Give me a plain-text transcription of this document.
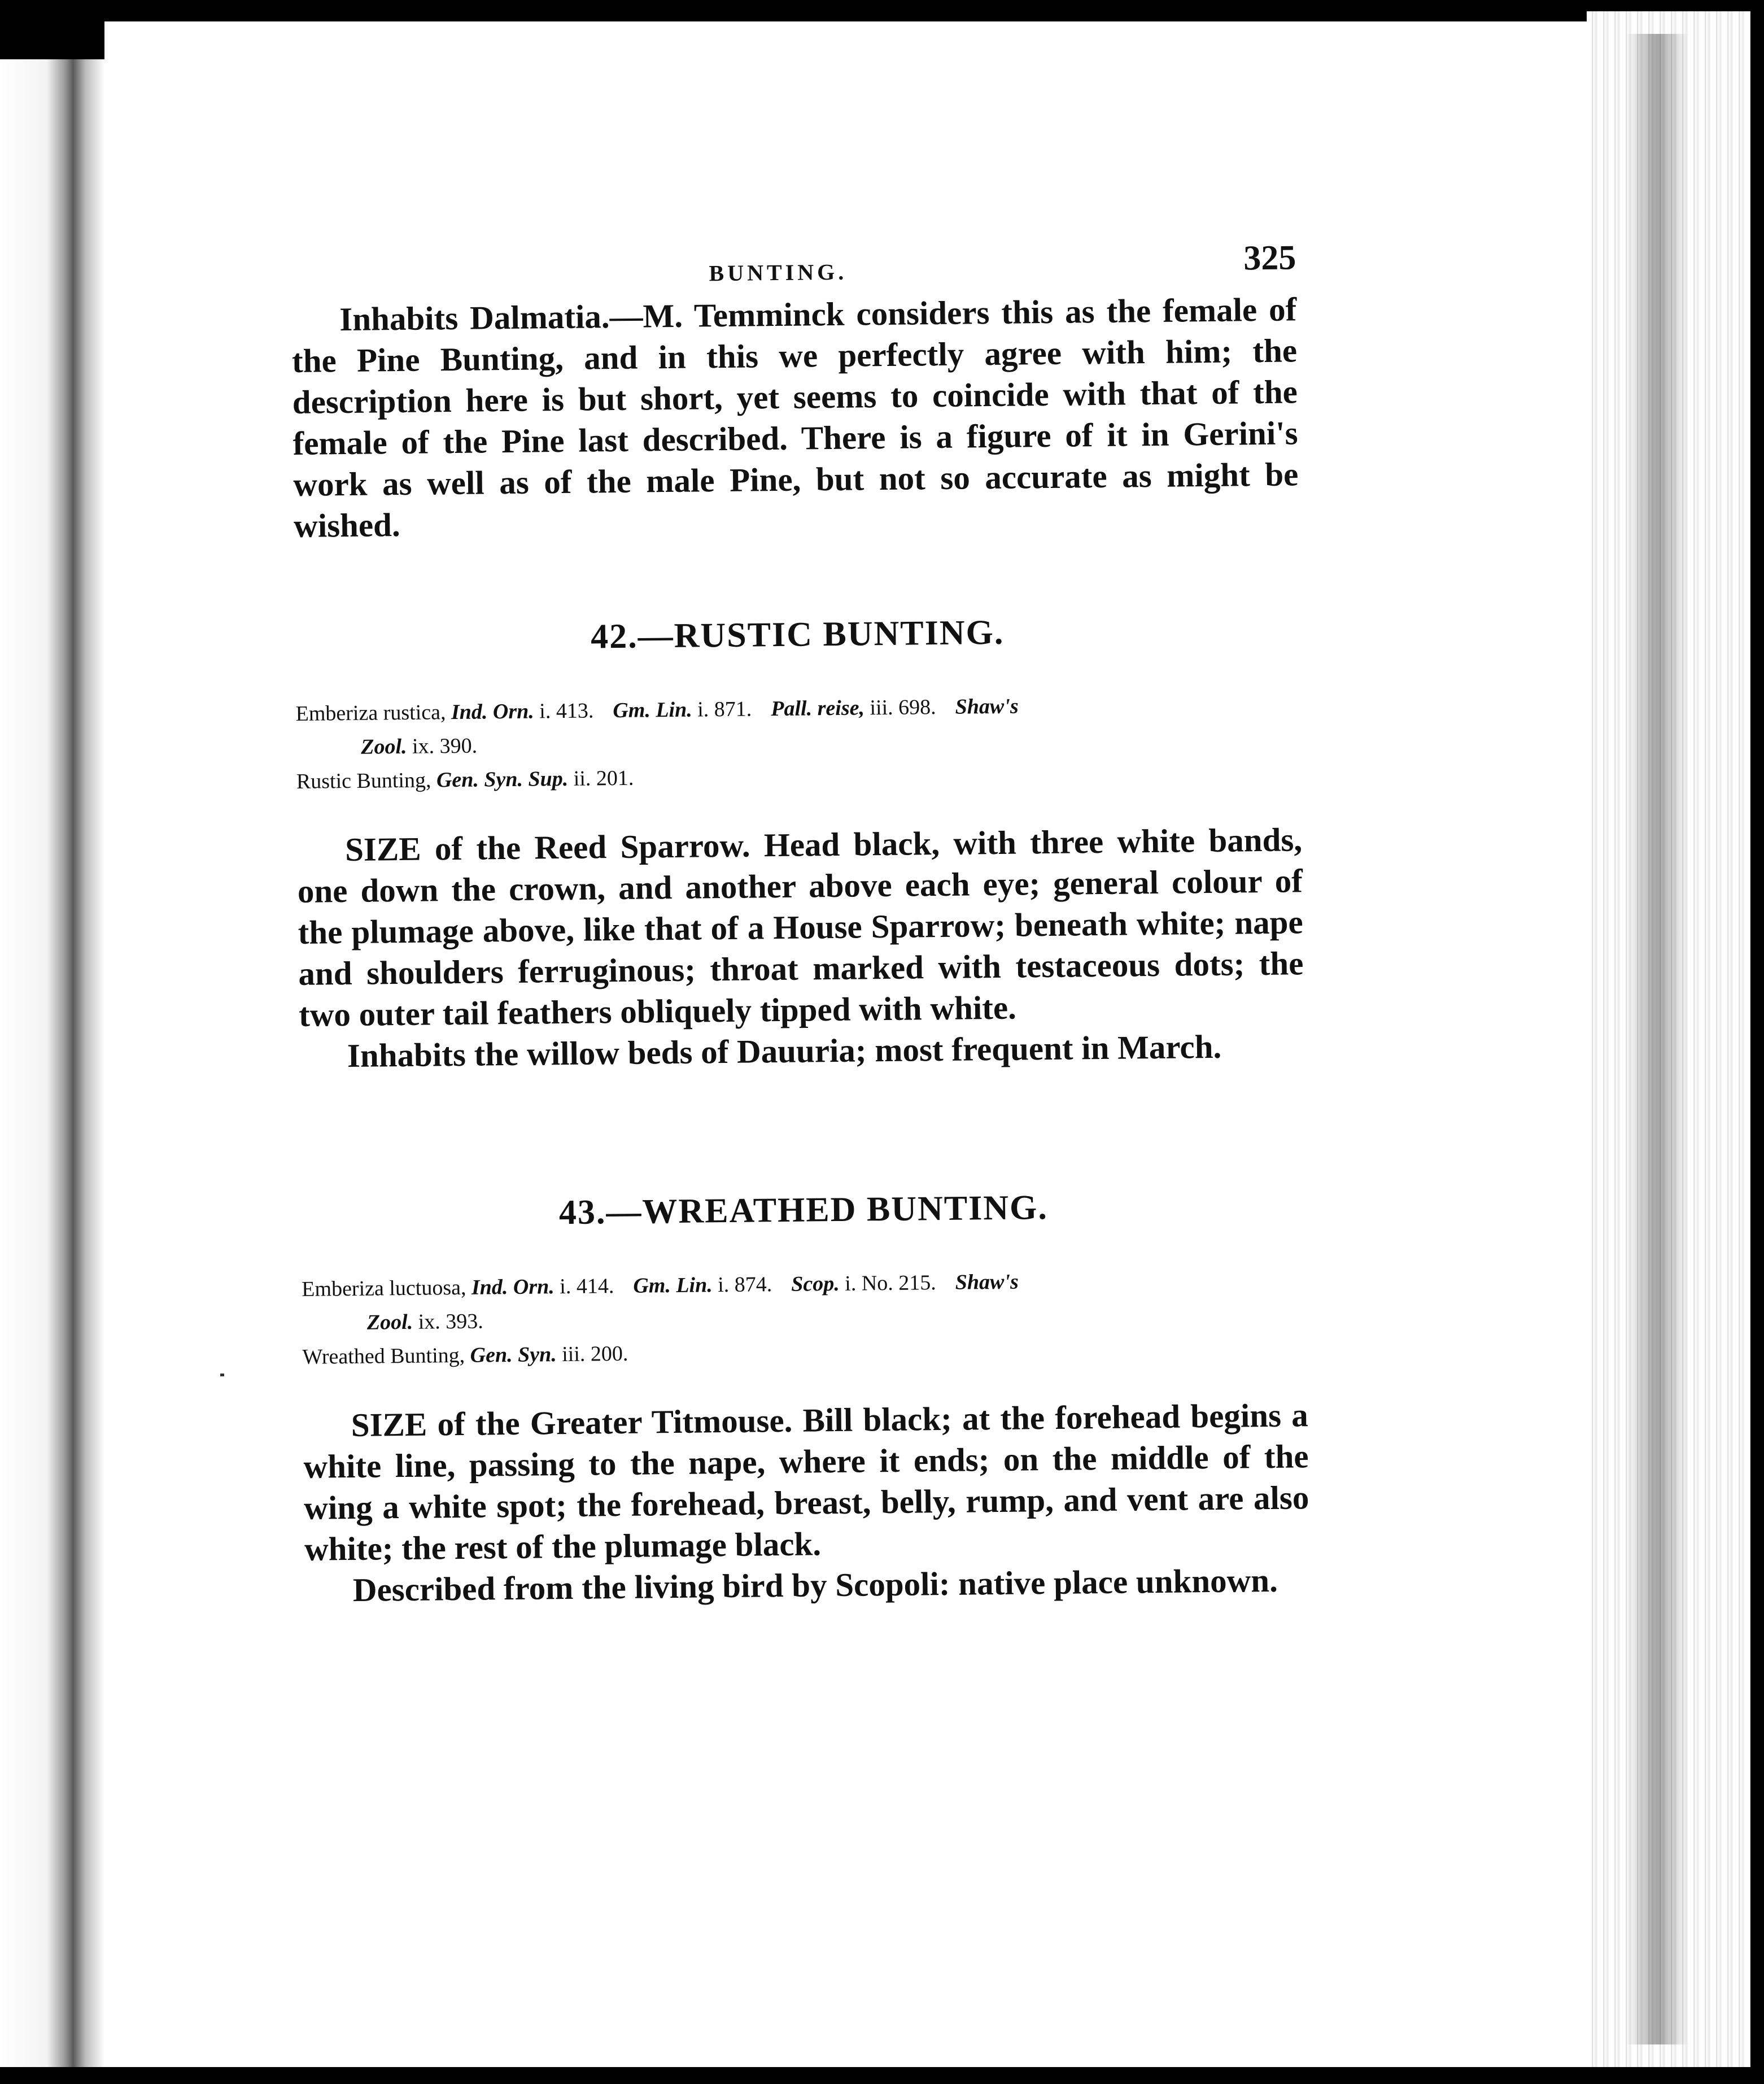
BUNTING.	325

Inhabits Dalmatia.—M. Temminck considers this as the female of the Pine Bunting, and in this we perfectly agree with him; the description here is but short, yet seems to coincide with that of the female of the Pine last described. There is a figure of it in Gerini's work as well as of the male Pine, but not so accurate as might be wished.

42.—RUSTIC BUNTING.

Emberiza rustica, Ind. Orn. i. 413. Gm. Lin. i. 871. Pall. reise, iii. 698. Shaw's
Zool. ix. 390.
Rustic Bunting, Gen. Syn. Sup. ii. 201.

SIZE of the Reed Sparrow. Head black, with three white bands, one down the crown, and another above each eye; general colour of the plumage above, like that of a House Sparrow; beneath white; nape and shoulders ferruginous; throat marked with testaceous dots; the two outer tail feathers obliquely tipped with white.

Inhabits the willow beds of Dauuria; most frequent in March.

43.—WREATHED BUNTING.

Emberiza luctuosa, Ind. Orn. i. 414. Gm. Lin. i. 874. Scop. i. No. 215. Shaw's
Zool. ix. 393.
Wreathed Bunting, Gen. Syn. iii. 200.

SIZE of the Greater Titmouse. Bill black; at the forehead begins a white line, passing to the nape, where it ends; on the middle of the wing a white spot; the forehead, breast, belly, rump, and vent are also white; the rest of the plumage black.

Described from the living bird by Scopoli: native place unknown.
